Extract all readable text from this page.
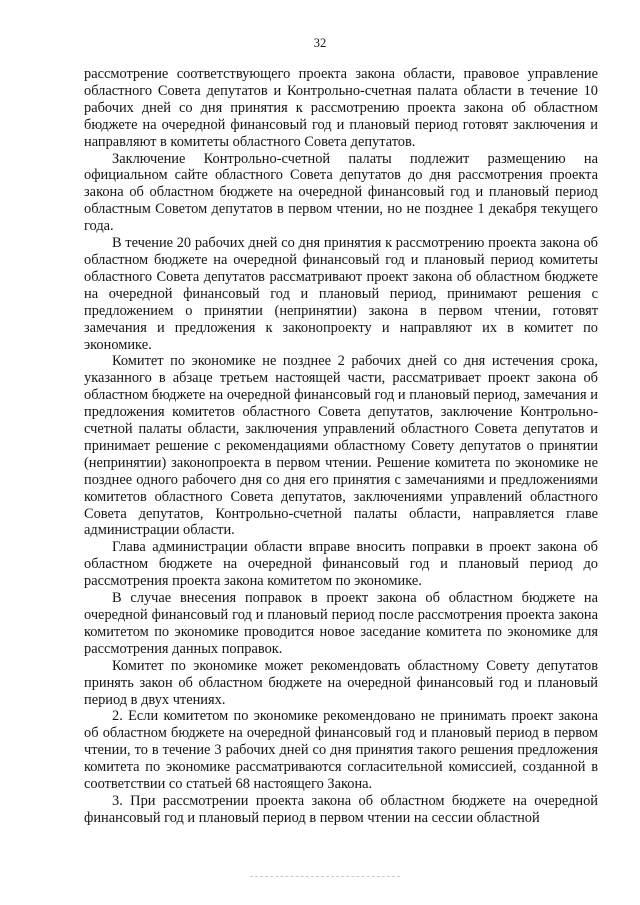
32

рассмотрение соответствующего проекта закона области, правовое управление областного Совета депутатов и Контрольно-счетная палата области в течение 10 рабочих дней со дня принятия к рассмотрению проекта закона об областном бюджете на очередной финансовый год и плановый период готовят заключения и направляют в комитеты областного Совета депутатов.

Заключение Контрольно-счетной палаты подлежит размещению на официальном сайте областного Совета депутатов до дня рассмотрения проекта закона об областном бюджете на очередной финансовый год и плановый период областным Советом депутатов в первом чтении, но не позднее 1 декабря текущего года.

В течение 20 рабочих дней со дня принятия к рассмотрению проекта закона об областном бюджете на очередной финансовый год и плановый период комитеты областного Совета депутатов рассматривают проект закона об областном бюджете на очередной финансовый год и плановый период, принимают решения с предложением о принятии (непринятии) закона в первом чтении, готовят замечания и предложения к законопроекту и направляют их в комитет по экономике.

Комитет по экономике не позднее 2 рабочих дней со дня истечения срока, указанного в абзаце третьем настоящей части, рассматривает проект закона об областном бюджете на очередной финансовый год и плановый период, замечания и предложения комитетов областного Совета депутатов, заключение Контрольно-счетной палаты области, заключения управлений областного Совета депутатов и принимает решение с рекомендациями областному Совету депутатов о принятии (непринятии) законопроекта в первом чтении. Решение комитета по экономике не позднее одного рабочего дня со дня его принятия с замечаниями и предложениями комитетов областного Совета депутатов, заключениями управлений областного Совета депутатов, Контрольно-счетной палаты области, направляется главе администрации области.

Глава администрации области вправе вносить поправки в проект закона об областном бюджете на очередной финансовый год и плановый период до рассмотрения проекта закона комитетом по экономике.

В случае внесения поправок в проект закона об областном бюджете на очередной финансовый год и плановый период после рассмотрения проекта закона комитетом по экономике проводится новое заседание комитета по экономике для рассмотрения данных поправок.

Комитет по экономике может рекомендовать областному Совету депутатов принять закон об областном бюджете на очередной финансовый год и плановый период в двух чтениях.

2. Если комитетом по экономике рекомендовано не принимать проект закона об областном бюджете на очередной финансовый год и плановый период в первом чтении, то в течение 3 рабочих дней со дня принятия такого решения предложения комитета по экономике рассматриваются согласительной комиссией, созданной в соответствии со статьей 68 настоящего Закона.

3. При рассмотрении проекта закона об областном бюджете на очередной финансовый год и плановый период в первом чтении на сессии областной
